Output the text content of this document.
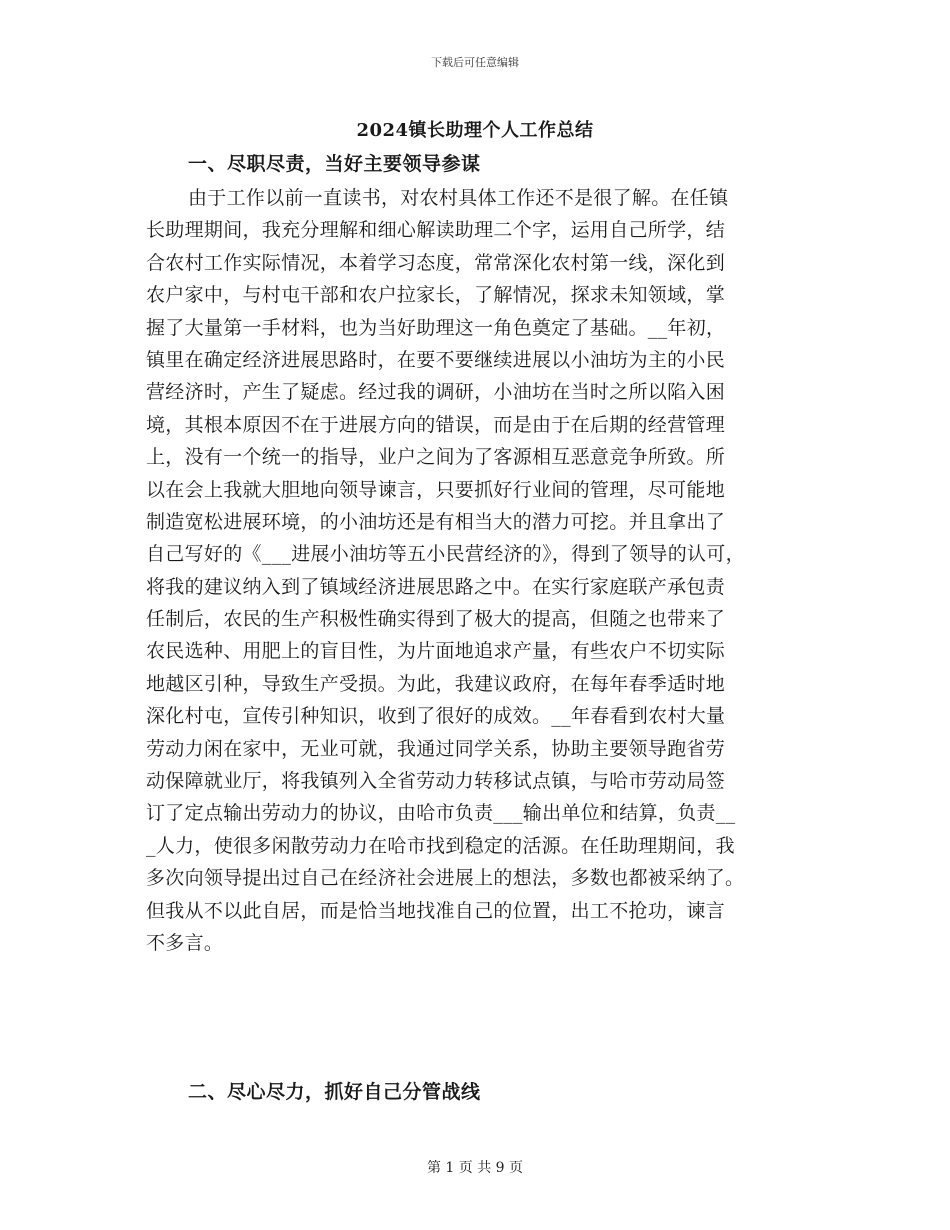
下载后可任意编辑
2024镇长助理个人工作总结
一、尽职尽责，当好主要领导参谋
由于工作以前一直读书，对农村具体工作还不是很了解。在任镇
长助理期间，我充分理解和细心解读助理二个字，运用自己所学，结
合农村工作实际情况，本着学习态度，常常深化农村第一线，深化到
农户家中，与村屯干部和农户拉家长，了解情况，探求未知领域，掌
握了大量第一手材料，也为当好助理这一角色奠定了基础。__年初，
镇里在确定经济进展思路时，在要不要继续进展以小油坊为主的小民
营经济时，产生了疑虑。经过我的调研，小油坊在当时之所以陷入困
境，其根本原因不在于进展方向的错误，而是由于在后期的经营管理
上，没有一个统一的指导，业户之间为了客源相互恶意竞争所致。所
以在会上我就大胆地向领导谏言，只要抓好行业间的管理，尽可能地
制造宽松进展环境，的小油坊还是有相当大的潜力可挖。并且拿出了
自己写好的《___进展小油坊等五小民营经济的》，得到了领导的认可，
将我的建议纳入到了镇域经济进展思路之中。在实行家庭联产承包责
任制后，农民的生产积极性确实得到了极大的提高，但随之也带来了
农民选种、用肥上的盲目性，为片面地追求产量，有些农户不切实际
地越区引种，导致生产受损。为此，我建议政府，在每年春季适时地
深化村屯，宣传引种知识，收到了很好的成效。__年春看到农村大量
劳动力闲在家中，无业可就，我通过同学关系，协助主要领导跑省劳
动保障就业厅，将我镇列入全省劳动力转移试点镇，与哈市劳动局签
订了定点输出劳动力的协议，由哈市负责___输出单位和结算，负责__
_人力，使很多闲散劳动力在哈市找到稳定的活源。在任助理期间，我
多次向领导提出过自己在经济社会进展上的想法，多数也都被采纳了。
但我从不以此自居，而是恰当地找准自己的位置，出工不抢功，谏言
不多言。
二、尽心尽力，抓好自己分管战线
第 1 页 共 9 页
